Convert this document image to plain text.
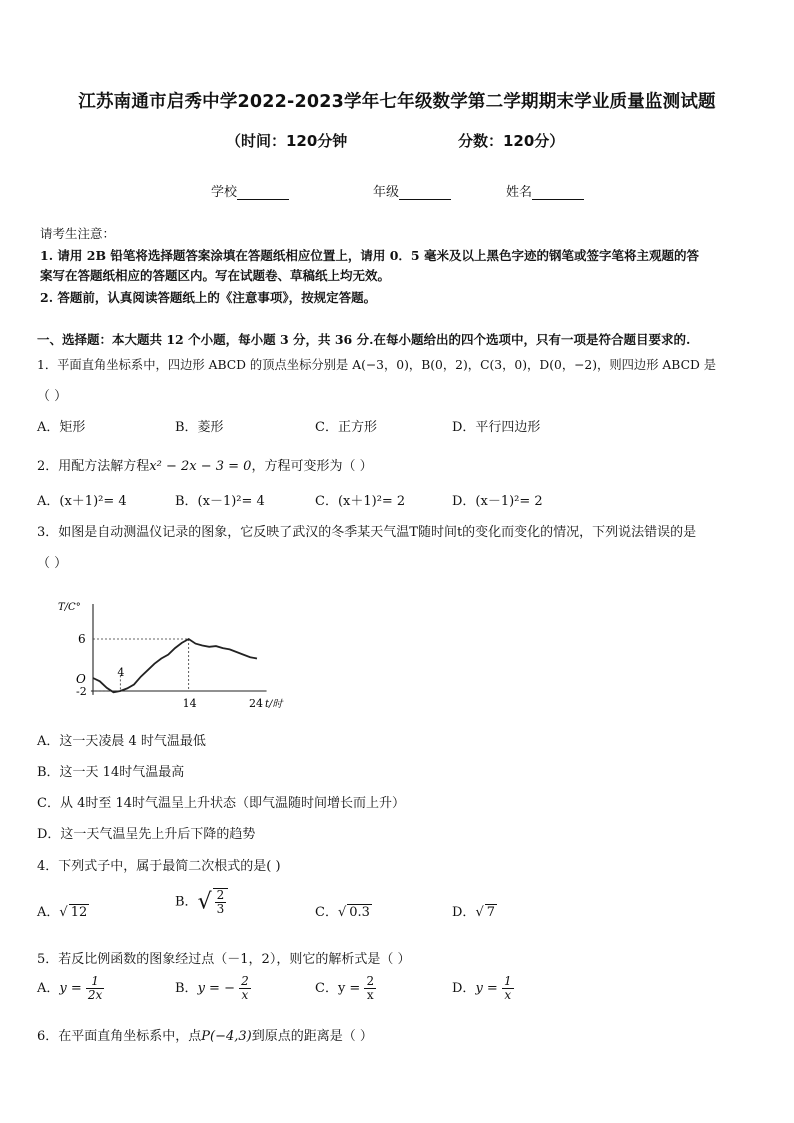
江苏南通市启秀中学2022-2023学年七年级数学第二学期期末学业质量监测试题
（时间：120分钟	分数：120分）
学校	年级	姓名
请考生注意：
1. 请用 2B 铅笔将选择题答案涂填在答题纸相应位置上，请用 0．5 毫米及以上黑色字迹的钢笔或签字笔将主观题的答
案写在答题纸相应的答题区内。写在试题卷、草稿纸上均无效。
2. 答题前，认真阅读答题纸上的《注意事项》，按规定答题。
一、选择题：本大题共 12 个小题，每小题 3 分，共 36 分.在每小题给出的四个选项中，只有一项是符合题目要求的.
1．平面直角坐标系中，四边形 ABCD 的顶点坐标分别是 A(−3，0)，B(0，2)，C(3，0)，D(0，−2)，则四边形 ABCD 是
（ ）
A．矩形	B．菱形	C．正方形	D．平行四边形
2．用配方法解方程x² − 2x − 3 = 0，方程可变形为（ ）
A．(x＋1)²= 4	B．(x－1)²= 4	C．(x＋1)²= 2	D．(x－1)²= 2
3．如图是自动测温仪记录的图象，它反映了武汉的冬季某天气温T随时间t的变化而变化的情况，下列说法错误的是
（ ）
T/C°
6
O
-2
4
14	24 t/时
A．这一天凌晨 4 时气温最低
B．这一天 14时气温最高
C．从 4时至 14时气温呈上升状态（即气温随时间增长而上升）
D．这一天气温呈先上升后下降的趋势
4．下列式子中，属于最简二次根式的是( )
A．√ 12
B．√ $\frac{2}{3}$	C．√ 0.3	D．√ 7
5．若反比例函数的图象经过点（－1，2），则它的解析式是（ ）
A．$y = \frac{1}{2x}$	B．y = − $\frac{2}{x}$	C．$y = \frac{2}{x}$	D．$y = \frac{1}{x}$
6．在平面直角坐标系中，点P(−4,3)到原点的距离是（ ）
